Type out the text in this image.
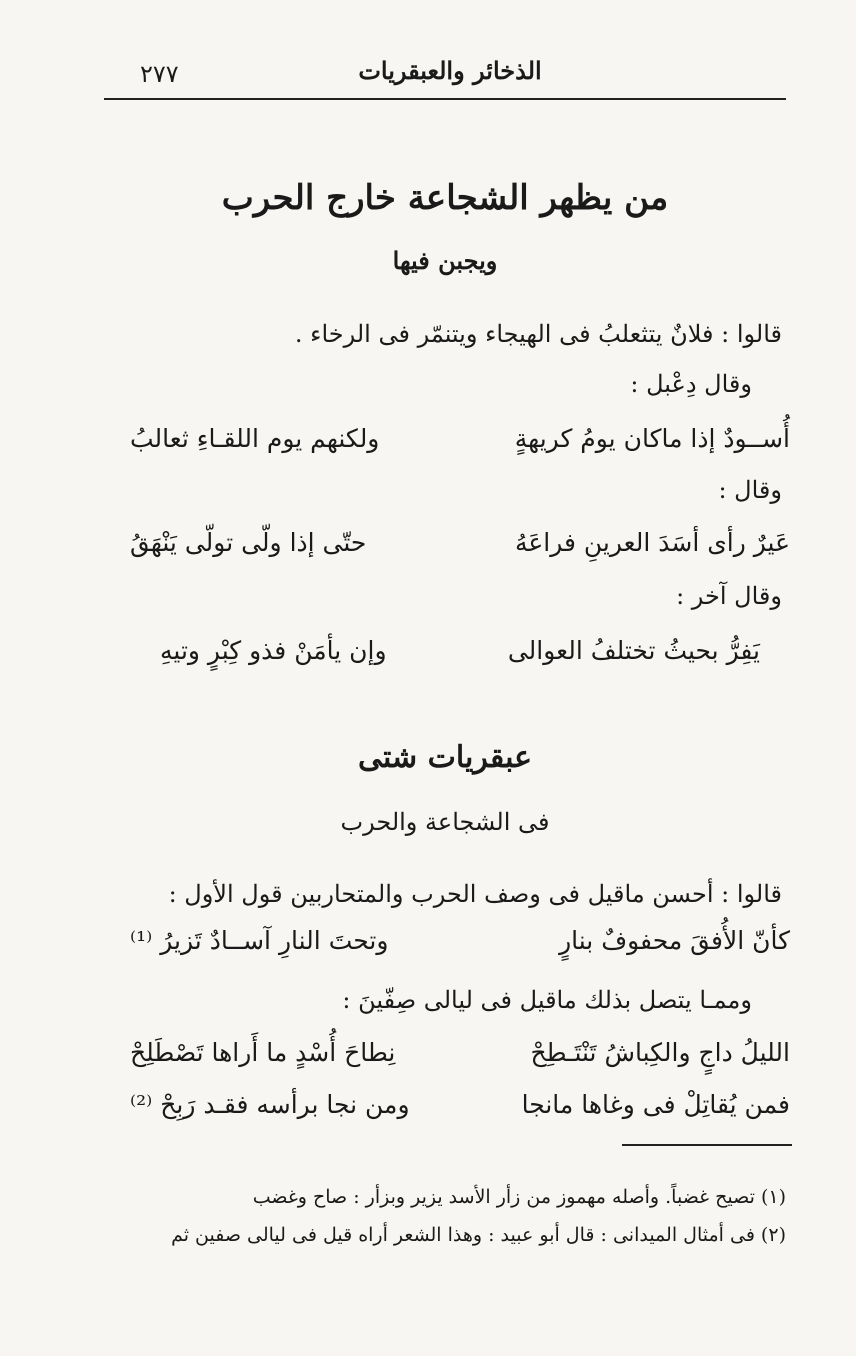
٢٧٧	الذخائر والعبقريات
من يظهر الشجاعة خارج الحرب
ويجبن فيها
قالوا : فلانٌ يتثعلبُ فى الهيجاء ويتنمّر فى الرخاء .
وقال دِعْبل :
أُســودٌ إذا ماكان يومُ كريهةٍ
ولكنهم يوم اللقـاءِ ثعالبُ
وقال :
عَيرٌ رأى أسَدَ العرينِ فراعَهُ
حتّى إذا ولّى تولّى يَنْهَقُ
وقال آخر :
يَفِرُّ بحيثُ تختلفُ العوالى
وإن يأمَنْ فذو كِبْرٍ وتيهِ
عبقريات شتى
فى الشجاعة والحرب
قالوا : أحسن ماقيل فى وصف الحرب والمتحاربين قول الأول :
كأنّ الأُفقَ محفوفٌ بنارٍ
وتحتَ النارِ آســادٌ تَزيرُ ⁽¹⁾
وممـا يتصل بذلك ماقيل فى ليالى صِفّينَ :
الليلُ داجٍ والكِباشُ تَنْتَـطِحْ
نِطاحَ أُسْدٍ ما أَراها تَصْطَلِحْ
فمن يُقاتِلْ فى وغاها مانجا
ومن نجا برأسه فقـد رَبِحْ ⁽²⁾
(١) تصيح غضباً. وأصله مهموز من زأر الأسد يزير وبزأر : صاح وغضب
(٢) فى أمثال الميدانى : قال أبو عبيد : وهذا الشعر أراه قيل فى ليالى صفين ثم
